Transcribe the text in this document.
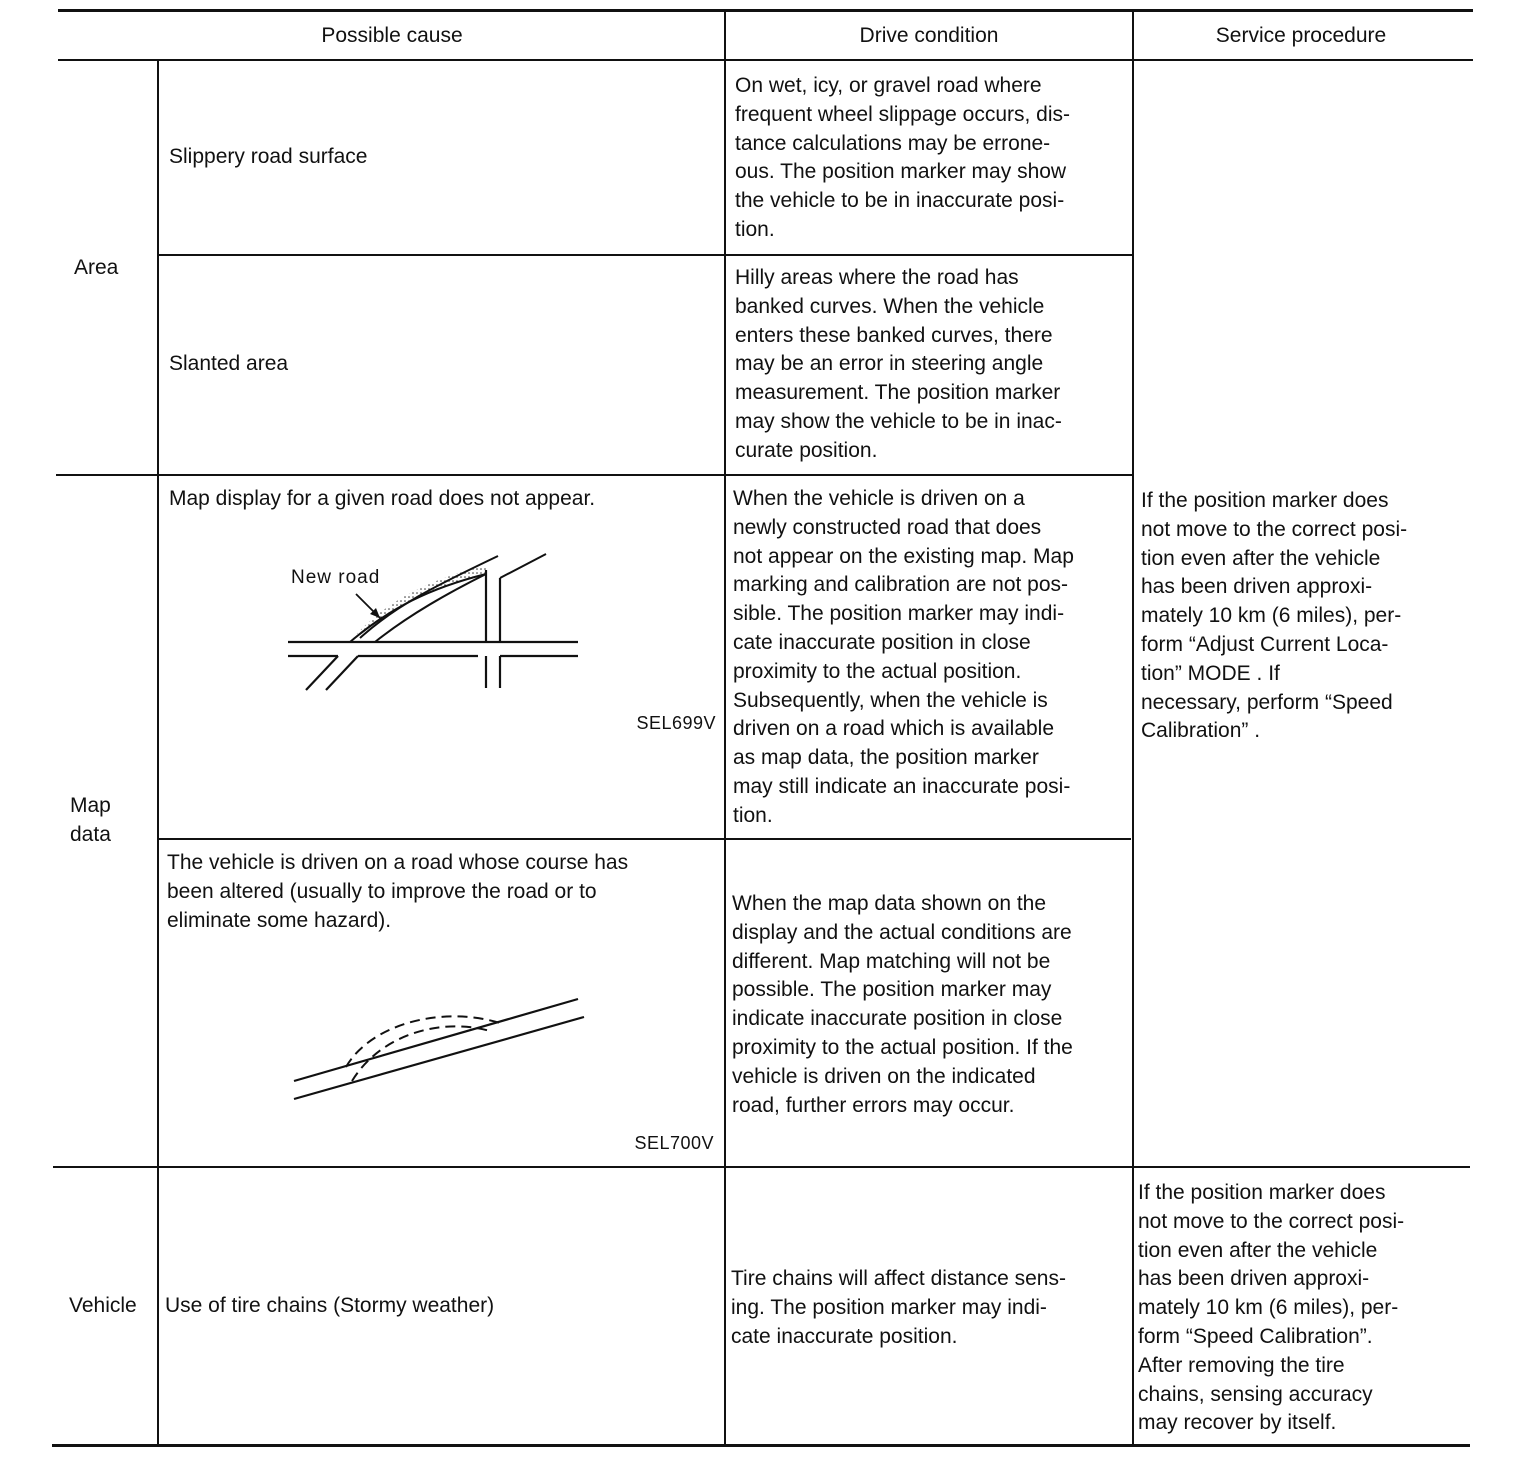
Possible cause	Drive condition	Service procedure
Area
Map
data
Vehicle
Slippery road surface
On wet, icy, or gravel road where
frequent wheel slippage occurs, dis-
tance calculations may be errone-
ous. The position marker may show
the vehicle to be in inaccurate posi-
tion.
Slanted area
Hilly areas where the road has
banked curves. When the vehicle
enters these banked curves, there
may be an error in steering angle
measurement. The position marker
may show the vehicle to be in inac-
curate position.
Map display for a given road does not appear.
New road
SEL699V
When the vehicle is driven on a
newly constructed road that does
not appear on the existing map. Map
marking and calibration are not pos-
sible. The position marker may indi-
cate inaccurate position in close
proximity to the actual position.
Subsequently, when the vehicle is
driven on a road which is available
as map data, the position marker
may still indicate an inaccurate posi-
tion.
The vehicle is driven on a road whose course has
been altered (usually to improve the road or to
eliminate some hazard).
SEL700V
When the map data shown on the
display and the actual conditions are
different. Map matching will not be
possible. The position marker may
indicate inaccurate position in close
proximity to the actual position. If the
vehicle is driven on the indicated
road, further errors may occur.
Use of tire chains (Stormy weather)
Tire chains will affect distance sens-
ing. The position marker may indi-
cate inaccurate position.
If the position marker does
not move to the correct posi-
tion even after the vehicle
has been driven approxi-
mately 10 km (6 miles), per-
form “Adjust Current Loca-
tion” MODE . If
necessary, perform “Speed
Calibration” .
If the position marker does
not move to the correct posi-
tion even after the vehicle
has been driven approxi-
mately 10 km (6 miles), per-
form “Speed Calibration”.
After removing the tire
chains, sensing accuracy
may recover by itself.
